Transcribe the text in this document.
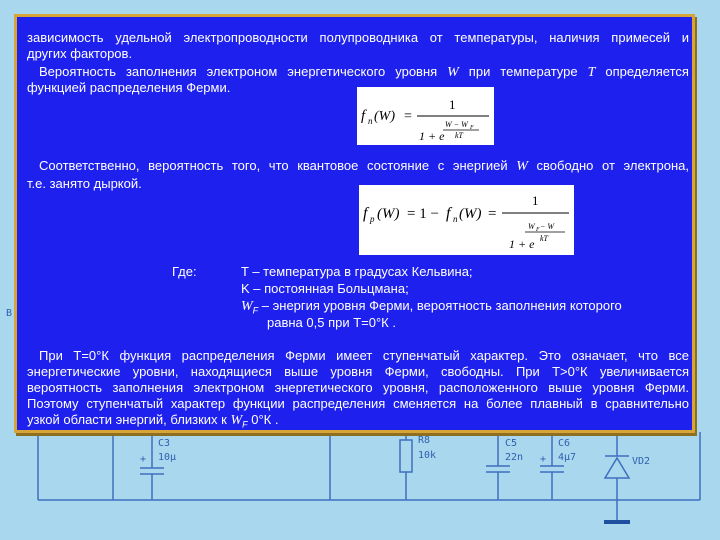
C3
10μ
+
R8
10k
C5
22n
C6
4μ7
+	VD2
B

зависимость удельной электропроводности полупроводника от температуры, наличия примесей и

других факторов.

Вероятность заполнения электроном энергетического уровня W при температуре T определяется

функцией распределения Ферми.

f n (W) =
1
1 + e
W − W F
kT

Соответственно, вероятность того, что квантовое состояние с энергией W свободно от электрона,

т.е. занято дыркой.

f p (W) = 1 − f n (W) =
1
1 + e
W F − W
kT

Где:	T – температура в градусах Кельвина;

K – постоянная Больцмана;

$W_F$ – энергия уровня Ферми, вероятность заполнения которого

равна 0,5 при Т=0°К .

При Т=0°К функция распределения Ферми имеет ступенчатый характер. Это означает, что все

энергетические уровни, находящиеся выше уровня Ферми, свободны. При Т>0°К увеличивается

вероятность заполнения электроном энергетического уровня, расположенного выше уровня Ферми.

Поэтому ступенчатый характер функции распределения сменяется на более плавный в сравнительно

узкой области энергий, близких к $W_F$ 0°К .
